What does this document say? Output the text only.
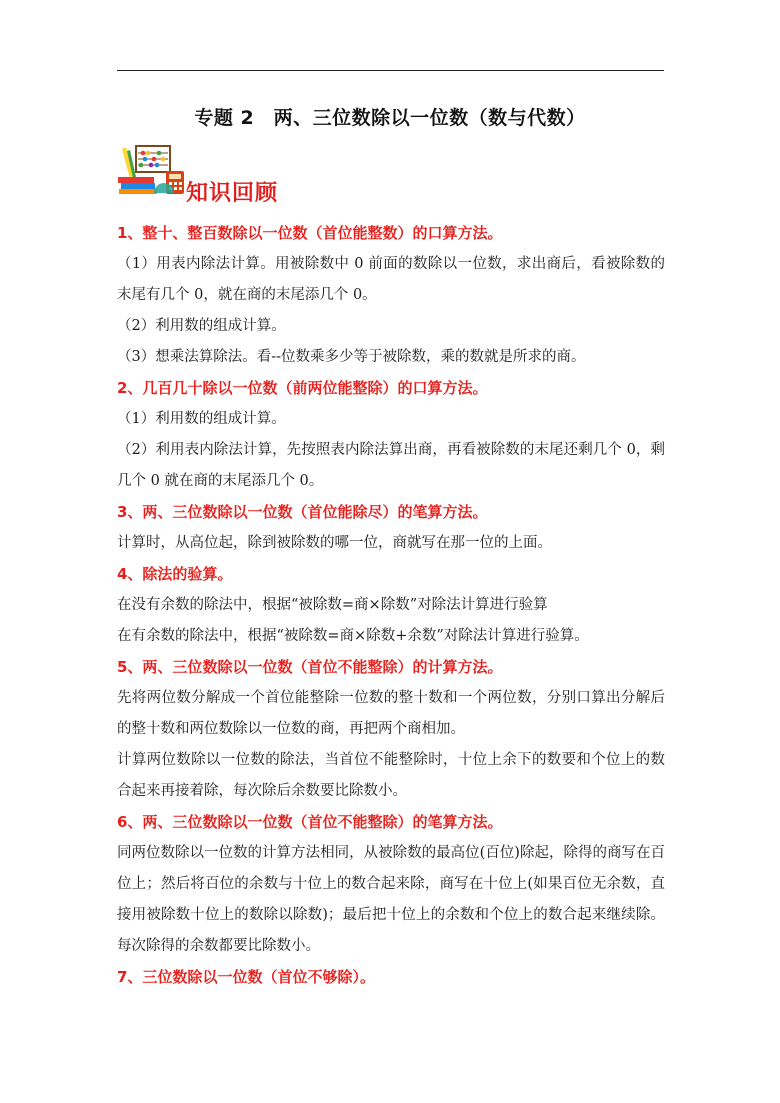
专题 2　两、三位数除以一位数（数与代数）
知识回顾
1、整十、整百数除以一位数（首位能整数）的口算方法。

（1）用表内除法计算。用被除数中 0 前面的数除以一位数，求出商后，看被除数的末尾有几个 0，就在商的末尾添几个 0。

（2）利用数的组成计算。

（3）想乘法算除法。看--位数乘多少等于被除数，乘的数就是所求的商。

2、几百几十除以一位数（前两位能整除）的口算方法。

（1）利用数的组成计算。

（2）利用表内除法计算，先按照表内除法算出商，再看被除数的末尾还剩几个 0，剩几个 0 就在商的末尾添几个 0。

3、两、三位数除以一位数（首位能除尽）的笔算方法。

计算时，从高位起，除到被除数的哪一位，商就写在那一位的上面。

4、除法的验算。

在没有余数的除法中，根据“被除数=商×除数”对除法计算进行验算

在有余数的除法中，根据“被除数=商×除数+余数”对除法计算进行验算。

5、两、三位数除以一位数（首位不能整除）的计算方法。

先将两位数分解成一个首位能整除一位数的整十数和一个两位数，分别口算出分解后的整十数和两位数除以一位数的商，再把两个商相加。

计算两位数除以一位数的除法，当首位不能整除时，十位上余下的数要和个位上的数合起来再接着除，每次除后余数要比除数小。

6、两、三位数除以一位数（首位不能整除）的笔算方法。

同两位数除以一位数的计算方法相同，从被除数的最高位(百位)除起，除得的商写在百位上；然后将百位的余数与十位上的数合起来除，商写在十位上(如果百位无余数，直接用被除数十位上的数除以除数)；最后把十位上的余数和个位上的数合起来继续除。每次除得的余数都要比除数小。

7、三位数除以一位数（首位不够除）。
